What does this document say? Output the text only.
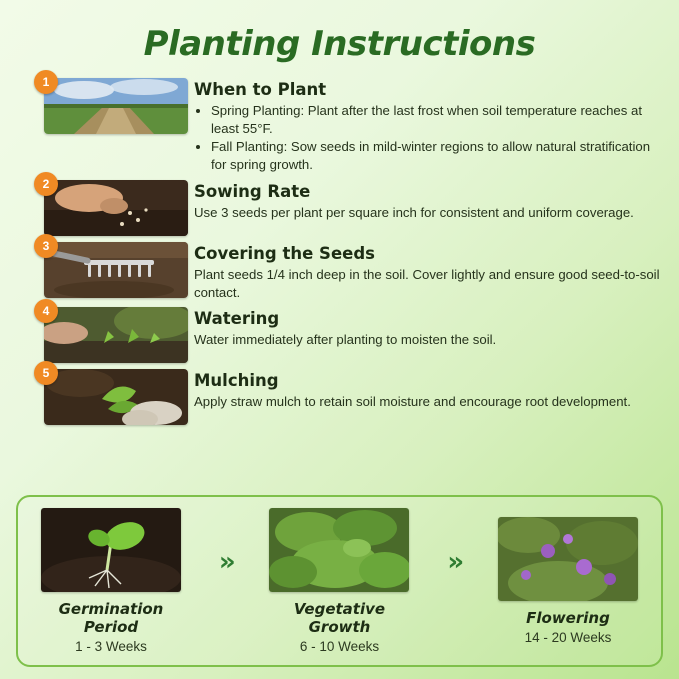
Planting Instructions
1	When to Plant
• Spring Planting: Plant after the last frost when soil temperature reaches at least 55°F.
• Fall Planting: Sow seeds in mild-winter regions to allow natural stratification for spring growth.
2	Sowing Rate
Use 3 seeds per plant per square inch for consistent and uniform coverage.
3	Covering the Seeds
Plant seeds 1/4 inch deep in the soil. Cover lightly and ensure good seed-to-soil contact.
4	Watering
Water immediately after planting to moisten the soil.
5	Mulching
Apply straw mulch to retain soil moisture and encourage root development.
Germination Period
1 - 3 Weeks
»
Vegetative Growth
6 - 10 Weeks
»
Flowering
14 - 20 Weeks
